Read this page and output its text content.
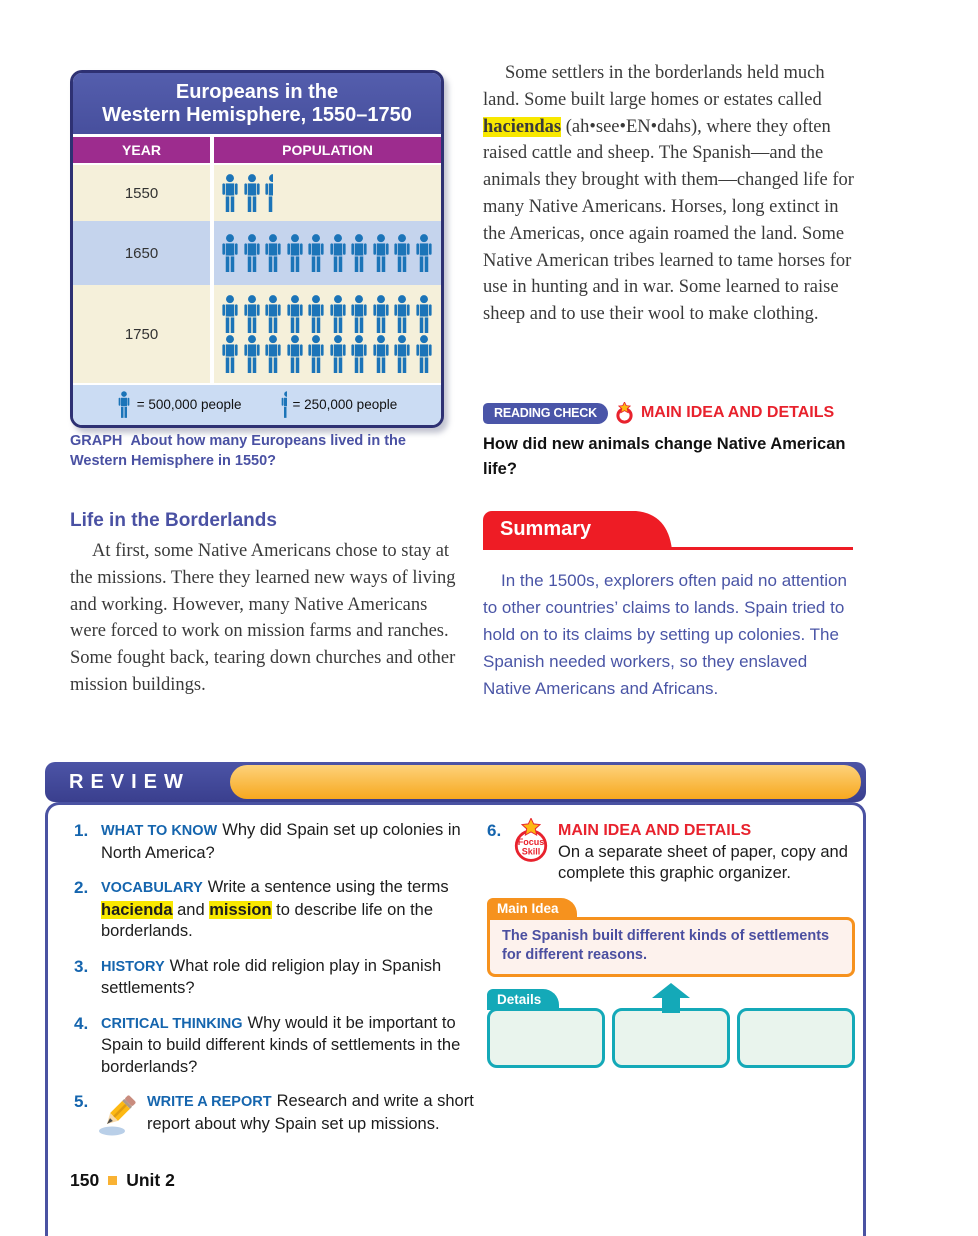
Europeans in the
Western Hemisphere, 1550–1750
YEAR	POPULATION
1550
1650
1750
= 500,000 people	= 250,000 people

GRAPH About how many Europeans lived in the Western Hemisphere in 1550?

Life in the Borderlands

At first, some Native Americans chose to stay at the missions. There they learned new ways of living and working. However, many Native Americans were forced to work on mission farms and ranches. Some fought back, tearing down churches and other mission buildings.

Some settlers in the borderlands held much land. Some built large homes or estates called haciendas (ah•see•EN•dahs), where they often raised cattle and sheep. The Spanish—and the animals they brought with them—changed life for many Native Americans. Horses, long extinct in the Americas, once again roamed the land. Some Native American tribes learned to tame horses for use in hunting and in war. Some learned to raise sheep and to use their wool to make clothing.

READING CHECK	MAIN IDEA AND DETAILS
How did new animals change Native American life?
Summary
In the 1500s, explorers often paid no attention to other countries’ claims to lands. Spain tried to hold on to its claims by setting up colonies. The Spanish needed workers, so they enslaved Native Americans and Africans.
REVIEW
1. WHAT TO KNOW Why did Spain set up colonies in North America?
2. VOCABULARY Write a sentence using the terms hacienda and mission to describe life on the borderlands.
3. HISTORY What role did religion play in Spanish settlements?
4. CRITICAL THINKING Why would it be important to Spain to build different kinds of settlements in the borderlands?
5.	WRITE A REPORT Research and write a short report about why Spain set up missions.
6.
Focus
Skill
MAIN IDEA AND DETAILS
On a separate sheet of paper, copy and complete this graphic organizer.
Main Idea
The Spanish built different kinds of settlements for different reasons.
Details
150 Unit 2
